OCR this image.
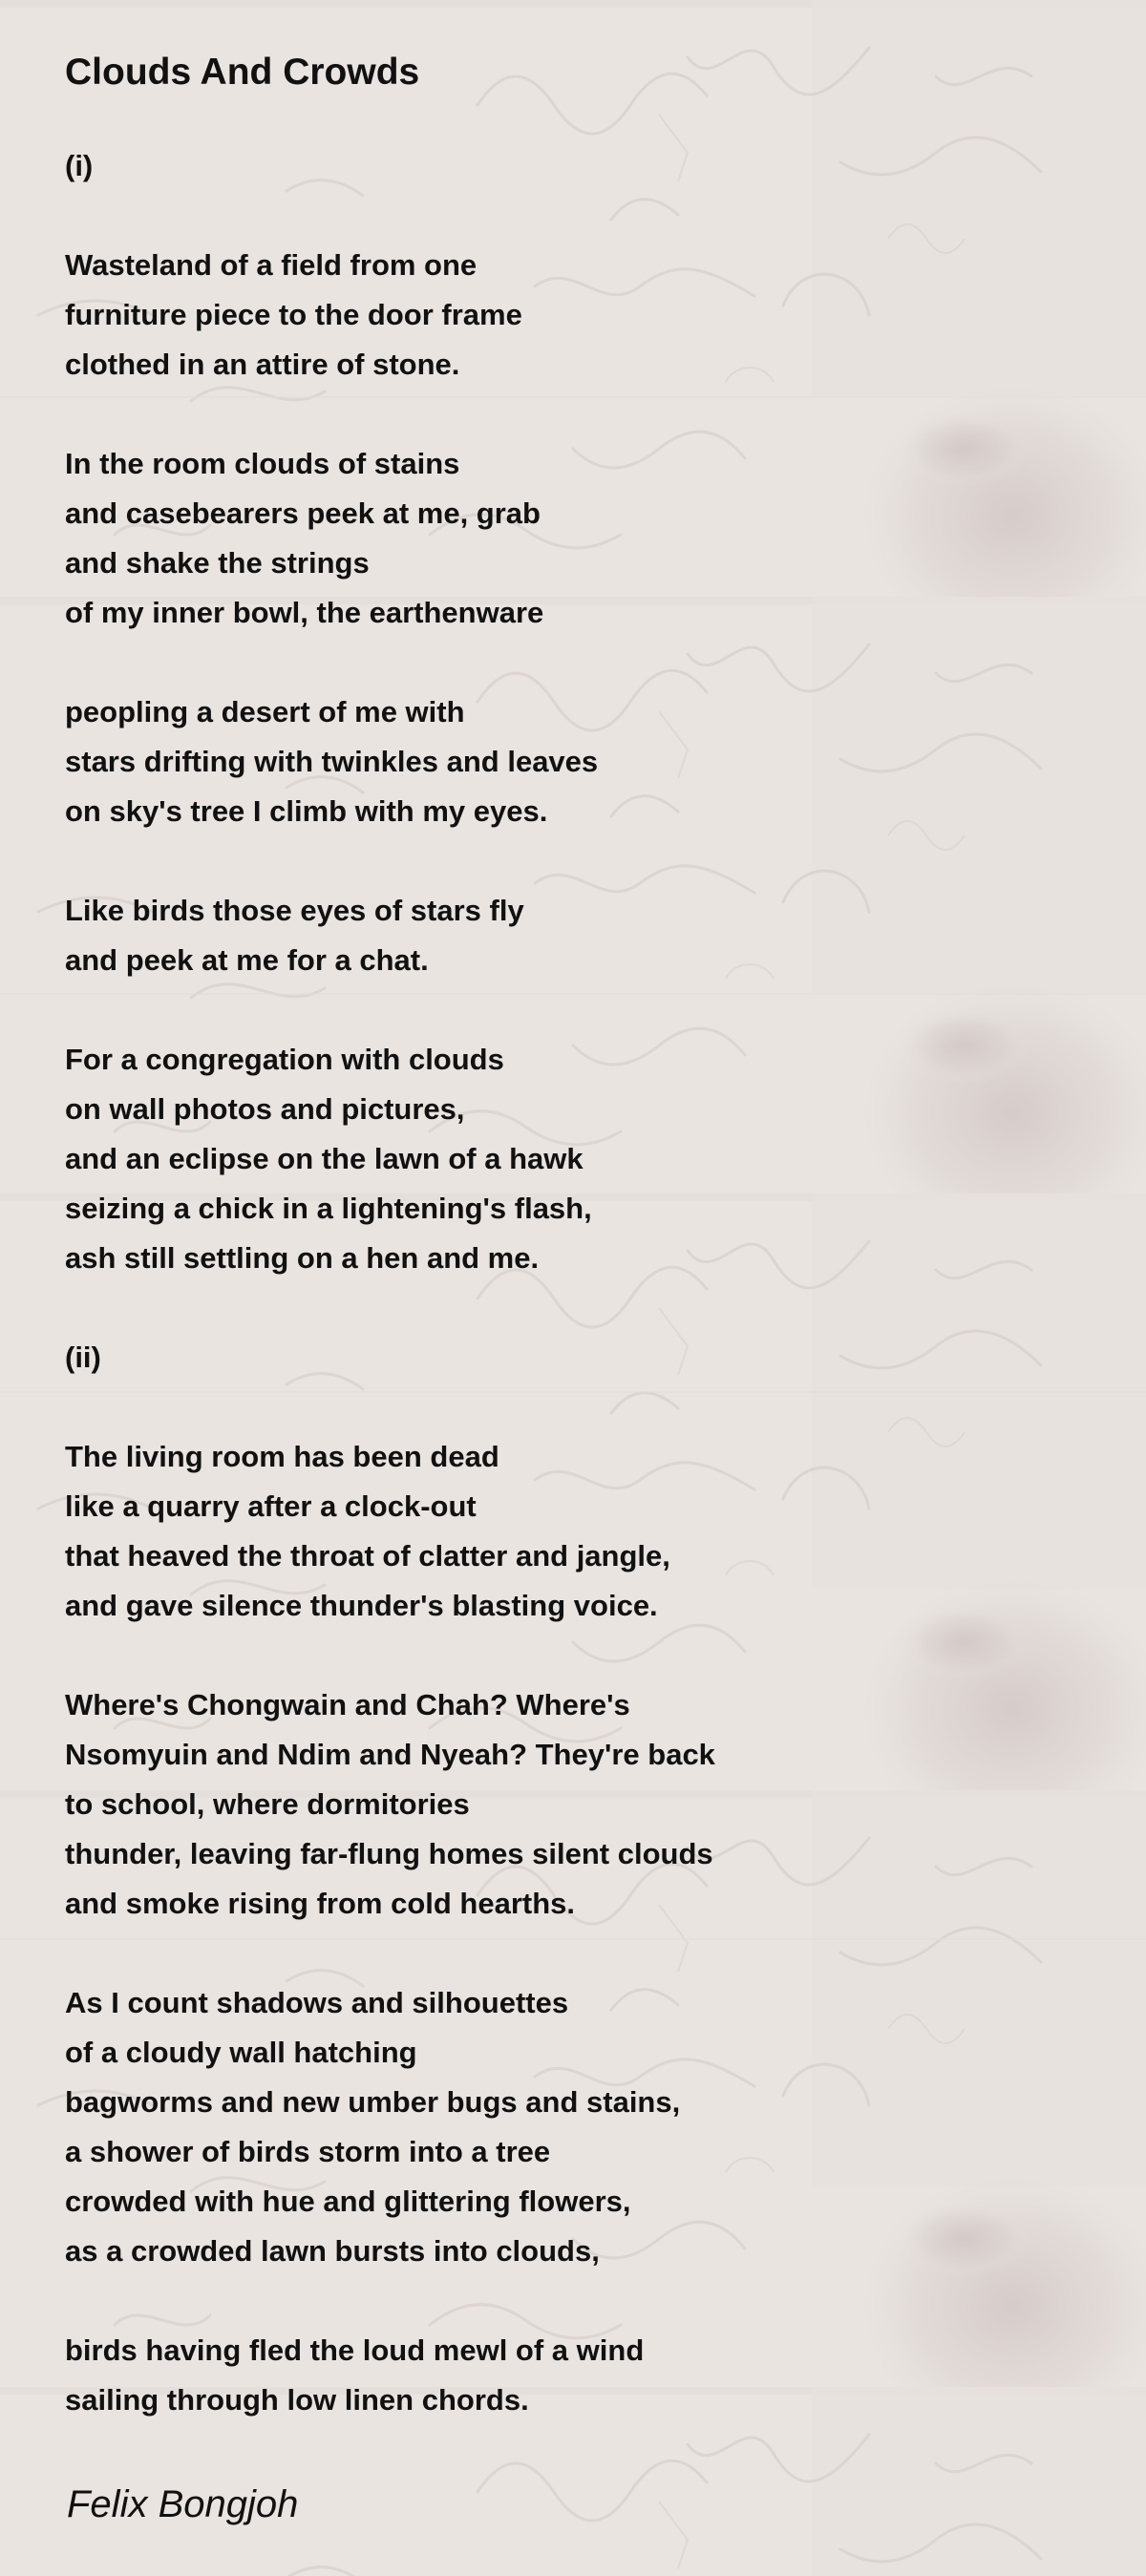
Clouds And Crowds
(i)
Wasteland of a field from one
furniture piece to the door frame
clothed in an attire of stone.
In the room clouds of stains
and casebearers peek at me, grab
and shake the strings
of my inner bowl, the earthenware
peopling a desert of me with
stars drifting with twinkles and leaves
on sky's tree I climb with my eyes.
Like birds those eyes of stars fly
and peek at me for a chat.
For a congregation with clouds
on wall photos and pictures,
and an eclipse on the lawn of a hawk
seizing a chick in a lightening's flash,
ash still settling on a hen and me.
(ii)
The living room has been dead
like a quarry after a clock-out
that heaved the throat of clatter and jangle,
and gave silence thunder's blasting voice.
Where's Chongwain and Chah? Where's
Nsomyuin and Ndim and Nyeah? They're back
to school, where dormitories
thunder, leaving far-flung homes silent clouds
and smoke rising from cold hearths.
As I count shadows and silhouettes
of a cloudy wall hatching
bagworms and new umber bugs and stains,
a shower of birds storm into a tree
crowded with hue and glittering flowers,
as a crowded lawn bursts into clouds,
birds having fled the loud mewl of a wind
sailing through low linen chords.
Felix Bongjoh
